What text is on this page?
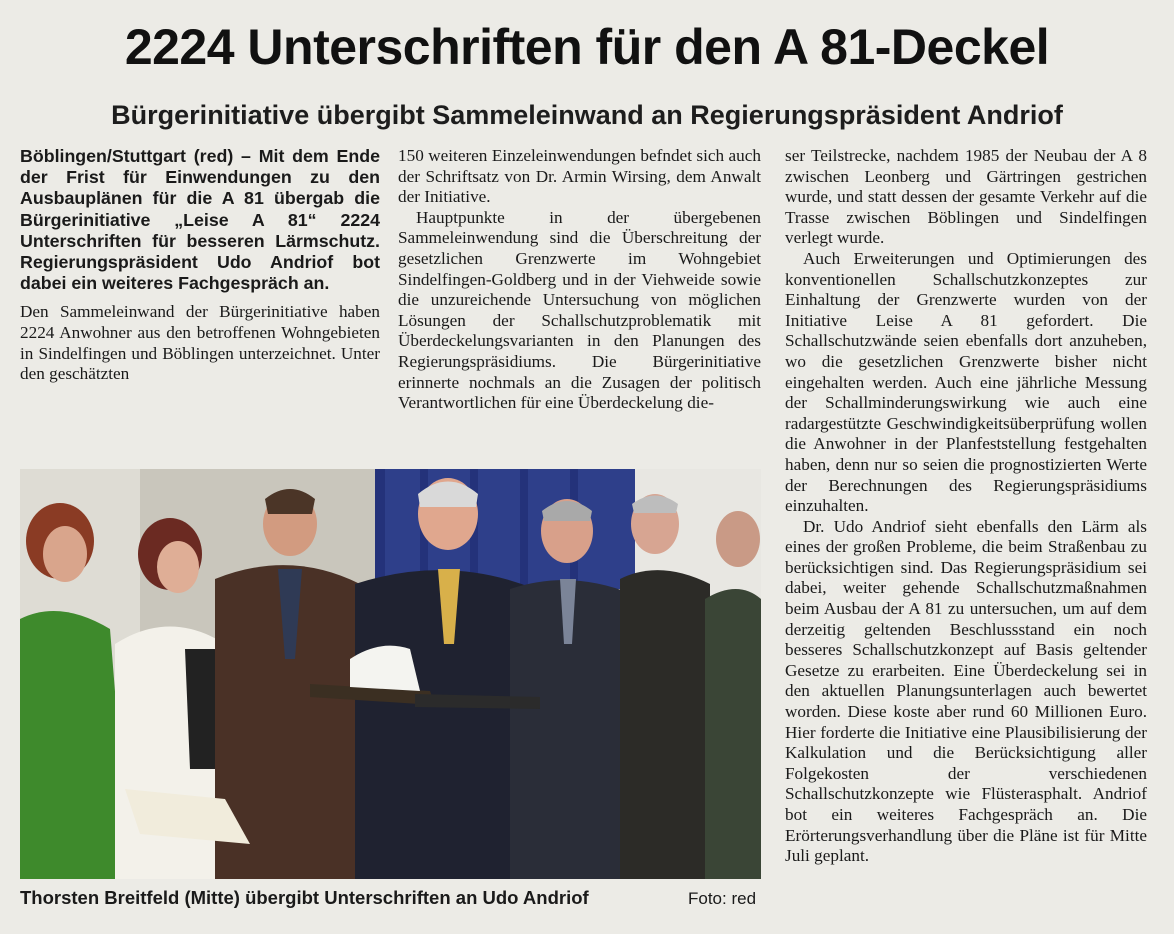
2224 Unterschriften für den A 81-Deckel
Bürgerinitiative übergibt Sammeleinwand an Regierungspräsident Andriof

Böblingen/Stuttgart (red) – Mit dem Ende der Frist für Einwendungen zu den Ausbauplänen für die A 81 übergab die Bürgerinitiative „Leise A 81“ 2224 Unterschriften für besseren Lärmschutz. Regierungspräsident Udo Andriof bot dabei ein weiteres Fachgespräch an.

Den Sammeleinwand der Bürgerinitiative haben 2224 Anwohner aus den betroffenen Wohngebieten in Sindelfingen und Böblingen unterzeichnet. Unter den geschätzten

150 weiteren Einzeleinwendungen befndet sich auch der Schriftsatz von Dr. Armin Wirsing, dem Anwalt der Initiative.

Hauptpunkte in der übergebenen Sammeleinwendung sind die Überschreitung der gesetzlichen Grenzwerte im Wohngebiet Sindelfingen-Goldberg und in der Viehweide sowie die unzureichende Untersuchung von möglichen Lösungen der Schallschutzproblematik mit Überdeckelungsvarianten in den Planungen des Regierungspräsidiums. Die Bürgerinitiative erinnerte nochmals an die Zusagen der politisch Verantwortlichen für eine Überdeckelung die-

ser Teilstrecke, nachdem 1985 der Neubau der A 8 zwischen Leonberg und Gärtringen gestrichen wurde, und statt dessen der gesamte Verkehr auf die Trasse zwischen Böblingen und Sindelfingen verlegt wurde.

Auch Erweiterungen und Optimierungen des konventionellen Schallschutzkonzeptes zur Einhaltung der Grenzwerte wurden von der Initiative Leise A 81 gefordert. Die Schallschutzwände seien ebenfalls dort anzuheben, wo die gesetzlichen Grenzwerte bisher nicht eingehalten werden. Auch eine jährliche Messung der Schallminderungswirkung wie auch eine radargestützte Geschwindigkeitsüberprüfung wollen die Anwohner in der Planfeststellung festgehalten haben, denn nur so seien die prognostizierten Werte der Berechnungen des Regierungspräsidiums einzuhalten.

Dr. Udo Andriof sieht ebenfalls den Lärm als eines der großen Probleme, die beim Straßenbau zu berücksichtigen sind. Das Regierungspräsidium sei dabei, weiter gehende Schallschutzmaßnahmen beim Ausbau der A 81 zu untersuchen, um auf dem derzeitig geltenden Beschlussstand ein noch besseres Schallschutzkonzept auf Basis geltender Gesetze zu erarbeiten. Eine Überdeckelung sei in den aktuellen Planungsunterlagen auch bewertet worden. Diese koste aber rund 60 Millionen Euro. Hier forderte die Initiative eine Plausibilisierung der Kalkulation und die Berücksichtigung aller Folgekosten der verschiedenen Schallschutzkonzepte wie Flüsterasphalt. Andriof bot ein weiteres Fachgespräch an. Die Erörterungsverhandlung über die Pläne ist für Mitte Juli geplant.

Thorsten Breitfeld (Mitte) übergibt Unterschriften an Udo Andriof	Foto: red
